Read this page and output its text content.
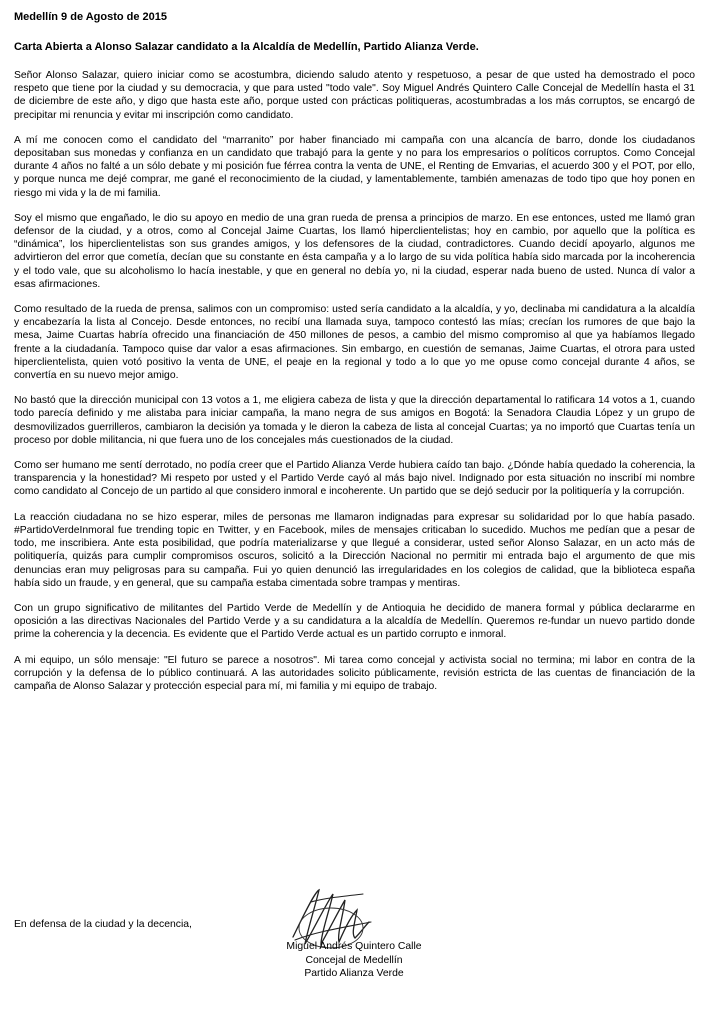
Medellín 9 de Agosto de 2015

Carta Abierta a Alonso Salazar candidato a la Alcaldía de Medellín, Partido Alianza Verde.

Señor Alonso Salazar, quiero iniciar como se acostumbra, diciendo saludo atento y respetuoso, a pesar de que usted ha demostrado el poco respeto que tiene por la ciudad y su democracia, y que para usted "todo vale". Soy Miguel Andrés Quintero Calle Concejal de Medellín hasta el 31 de diciembre de este año, y digo que hasta este año, porque usted con prácticas politiqueras, acostumbradas a los más corruptos, se encargó de precipitar mi renuncia y evitar mi inscripción como candidato.

A mí me conocen como el candidato del “marranito” por haber financiado mi campaña con una alcancía de barro, donde los ciudadanos depositaban sus monedas y confianza en un candidato que trabajó para la gente y no para los empresarios o políticos corruptos. Como Concejal durante 4 años no falté a un sólo debate y mi posición fue férrea contra la venta de UNE, el Renting de Emvarias, el acuerdo 300 y el POT, por ello, y porque nunca me dejé comprar, me gané el reconocimiento de la ciudad, y lamentablemente, también amenazas de todo tipo que hoy ponen en riesgo mi vida y la de mi familia.

Soy el mismo que engañado, le dio su apoyo en medio de una gran rueda de prensa a principios de marzo. En ese entonces, usted me llamó gran defensor de la ciudad, y a otros, como al Concejal Jaime Cuartas, los llamó hiperclientelistas; hoy en cambio, por aquello que la política es “dinámica”, los hiperclientelistas son sus grandes amigos, y los defensores de la ciudad, contradictores. Cuando decidí apoyarlo, algunos me advirtieron del error que cometía, decían que su constante en ésta campaña y a lo largo de su vida política había sido marcada por la incoherencia y el todo vale, que su alcoholismo lo hacía inestable, y que en general no debía yo, ni la ciudad, esperar nada bueno de usted. Nunca dí valor a esas afirmaciones.

Como resultado de la rueda de prensa, salimos con un compromiso: usted sería candidato a la alcaldía, y yo, declinaba mi candidatura a la alcaldía y encabezaría la lista al Concejo. Desde entonces, no recibí una llamada suya, tampoco contestó las mías; crecían los rumores de que bajo la mesa, Jaime Cuartas habría ofrecido una financiación de 450 millones de pesos, a cambio del mismo compromiso al que ya habíamos llegado frente a la ciudadanía. Tampoco quise dar valor a esas afirmaciones. Sin embargo, en cuestión de semanas, Jaime Cuartas, el otrora para usted hiperclientelista, quien votó positivo la venta de UNE, el peaje en la regional y todo a lo que yo me opuse como concejal durante 4 años, se convertía en su nuevo mejor amigo.

No bastó que la dirección municipal con 13 votos a 1, me eligiera cabeza de lista y que la dirección departamental lo ratificara 14 votos a 1, cuando todo parecía definido y me alistaba para iniciar campaña, la mano negra de sus amigos en Bogotá: la Senadora Claudia López y un grupo de desmovilizados guerrilleros, cambiaron la decisión ya tomada y le dieron la cabeza de lista al concejal Cuartas; ya no importó que Cuartas tenía un proceso por doble militancia, ni que fuera uno de los concejales más cuestionados de la ciudad.

Como ser humano me sentí derrotado, no podía creer que el Partido Alianza Verde hubiera caído tan bajo. ¿Dónde había quedado la coherencia, la transparencia y la honestidad? Mi respeto por usted y el Partido Verde cayó al más bajo nivel. Indignado por esta situación no inscribí mi nombre como candidato al Concejo de un partido al que considero inmoral e incoherente. Un partido que se dejó seducir por la politiquería y la corrupción.

La reacción ciudadana no se hizo esperar, miles de personas me llamaron indignadas para expresar su solidaridad por lo que había pasado. #PartidoVerdeInmoral fue trending topic en Twitter, y en Facebook, miles de mensajes criticaban lo sucedido. Muchos me pedían que a pesar de todo, me inscribiera. Ante esta posibilidad, que podría materializarse y que llegué a considerar, usted señor Alonso Salazar, en un acto más de politiquería, quizás para cumplir compromisos oscuros, solicitó a la Dirección Nacional no permitir mi entrada bajo el argumento de que mis denuncias eran muy peligrosas para su campaña. Fui yo quien denunció las irregularidades en los colegios de calidad, que la biblioteca españa había sido un fraude, y en general, que su campaña estaba cimentada sobre trampas y mentiras.

Con un grupo significativo de militantes del Partido Verde de Medellín y de Antioquia he decidido de manera formal y pública declararme en oposición a las directivas Nacionales del Partido Verde y a su candidatura a la alcaldía de Medellín. Queremos re-fundar un nuevo partido donde prime la coherencia y la decencia. Es evidente que el Partido Verde actual es un partido corrupto e inmoral.

A mi equipo, un sólo mensaje: "El futuro se parece a nosotros". Mi tarea como concejal y activista social no termina; mi labor en contra de la corrupción y la defensa de lo público continuará. A las autoridades solicito públicamente, revisión estricta de las cuentas de financiación de la campaña de Alonso Salazar y protección especial para mí, mi familia y mi equipo de trabajo.

En defensa de la ciudad y la decencia,

Miguel Andrés Quintero Calle
Concejal de Medellín
Partido Alianza Verde
